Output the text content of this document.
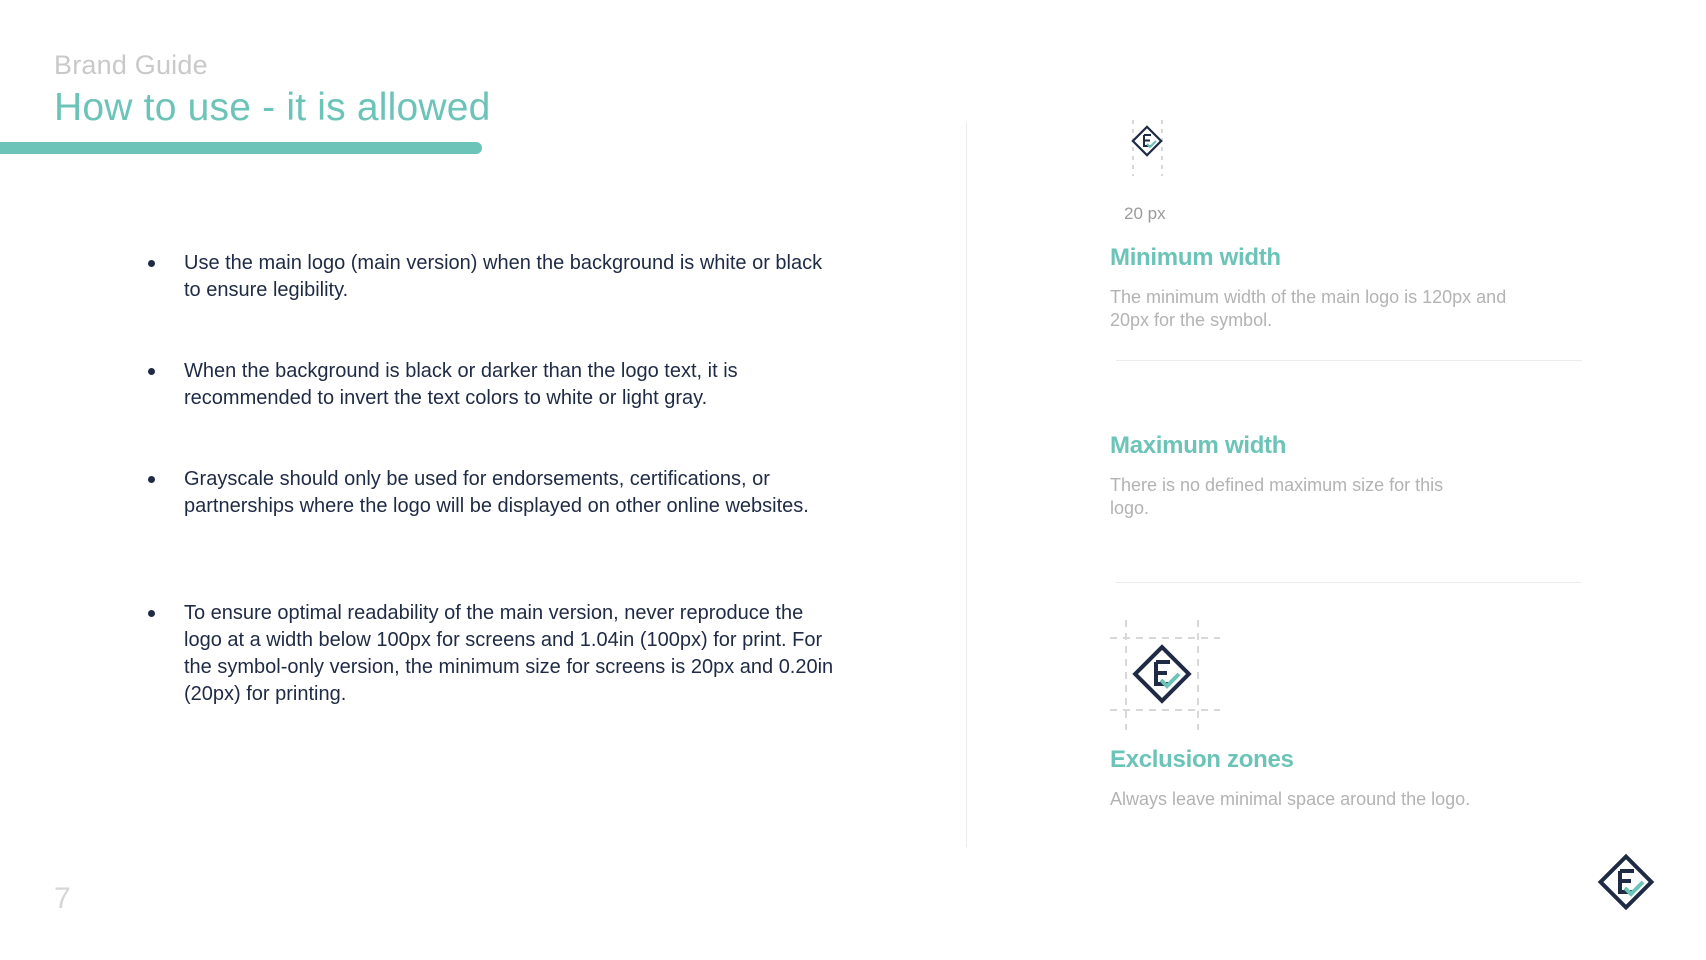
Brand Guide
How to use - it is allowed
Use the main logo (main version) when the background is white or black to ensure legibility.
When the background is black or darker than the logo text, it is recommended to invert the text colors to white or light gray.
Grayscale should only be used for endorsements, certifications, or partnerships where the logo will be displayed on other online websites.
To ensure optimal readability of the main version, never reproduce the logo at a width below 100px for screens and 1.04in (100px) for print. For the symbol-only version, the minimum size for screens is 20px and 0.20in (20px) for printing.
20 px
Minimum width
The minimum width of the main logo is 120px and 20px for the symbol.
Maximum width
There is no defined maximum size for this logo.
Exclusion zones
Always leave minimal space around the logo.
7
